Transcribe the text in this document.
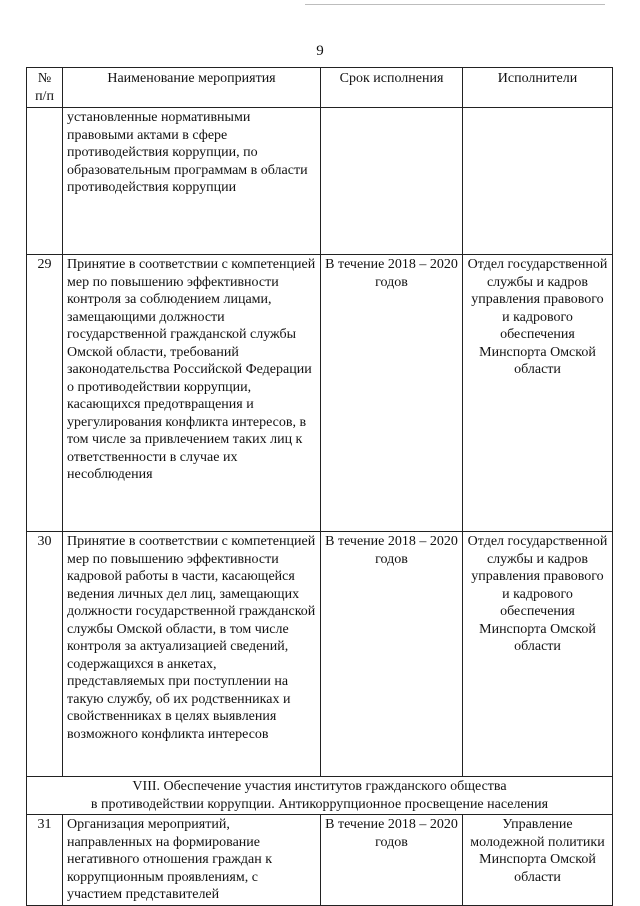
9
№ п/п	Наименование мероприятия	Срок исполнения	Исполнители
	установленные нормативными правовыми актами в сфере противодействия коррупции, по образовательным программам в области противодействия коррупции		
29	Принятие в соответствии с компетенцией мер по повышению эффективности контроля за соблюдением лицами, замещающими должности государственной гражданской службы Омской области, требований законодательства Российской Федерации о противодействии коррупции, касающихся предотвращения и урегулирования конфликта интересов, в том числе за привлечением таких лиц к ответственности в случае их несоблюдения	В течение 2018 – 2020 годов	Отдел государственной службы и кадров управления правового и кадрового обеспечения Минспорта Омской области
30	Принятие в соответствии с компетенцией мер по повышению эффективности кадровой работы в части, касающейся ведения личных дел лиц, замещающих должности государственной гражданской службы Омской области, в том числе контроля за актуализацией сведений, содержащихся в анкетах, представляемых при поступлении на такую службу, об их родственниках и свойственниках в целях выявления возможного конфликта интересов	В течение 2018 – 2020 годов	Отдел государственной службы и кадров управления правового и кадрового обеспечения Минспорта Омской области

VIII. Обеспечение участия институтов гражданского общества
в противодействии коррупции. Антикоррупционное просвещение населения			

31	Организация мероприятий, направленных на формирование негативного отношения граждан к коррупционным проявлениям, с участием представителей	В течение 2018 – 2020 годов	Управление молодежной политики Минспорта Омской области
